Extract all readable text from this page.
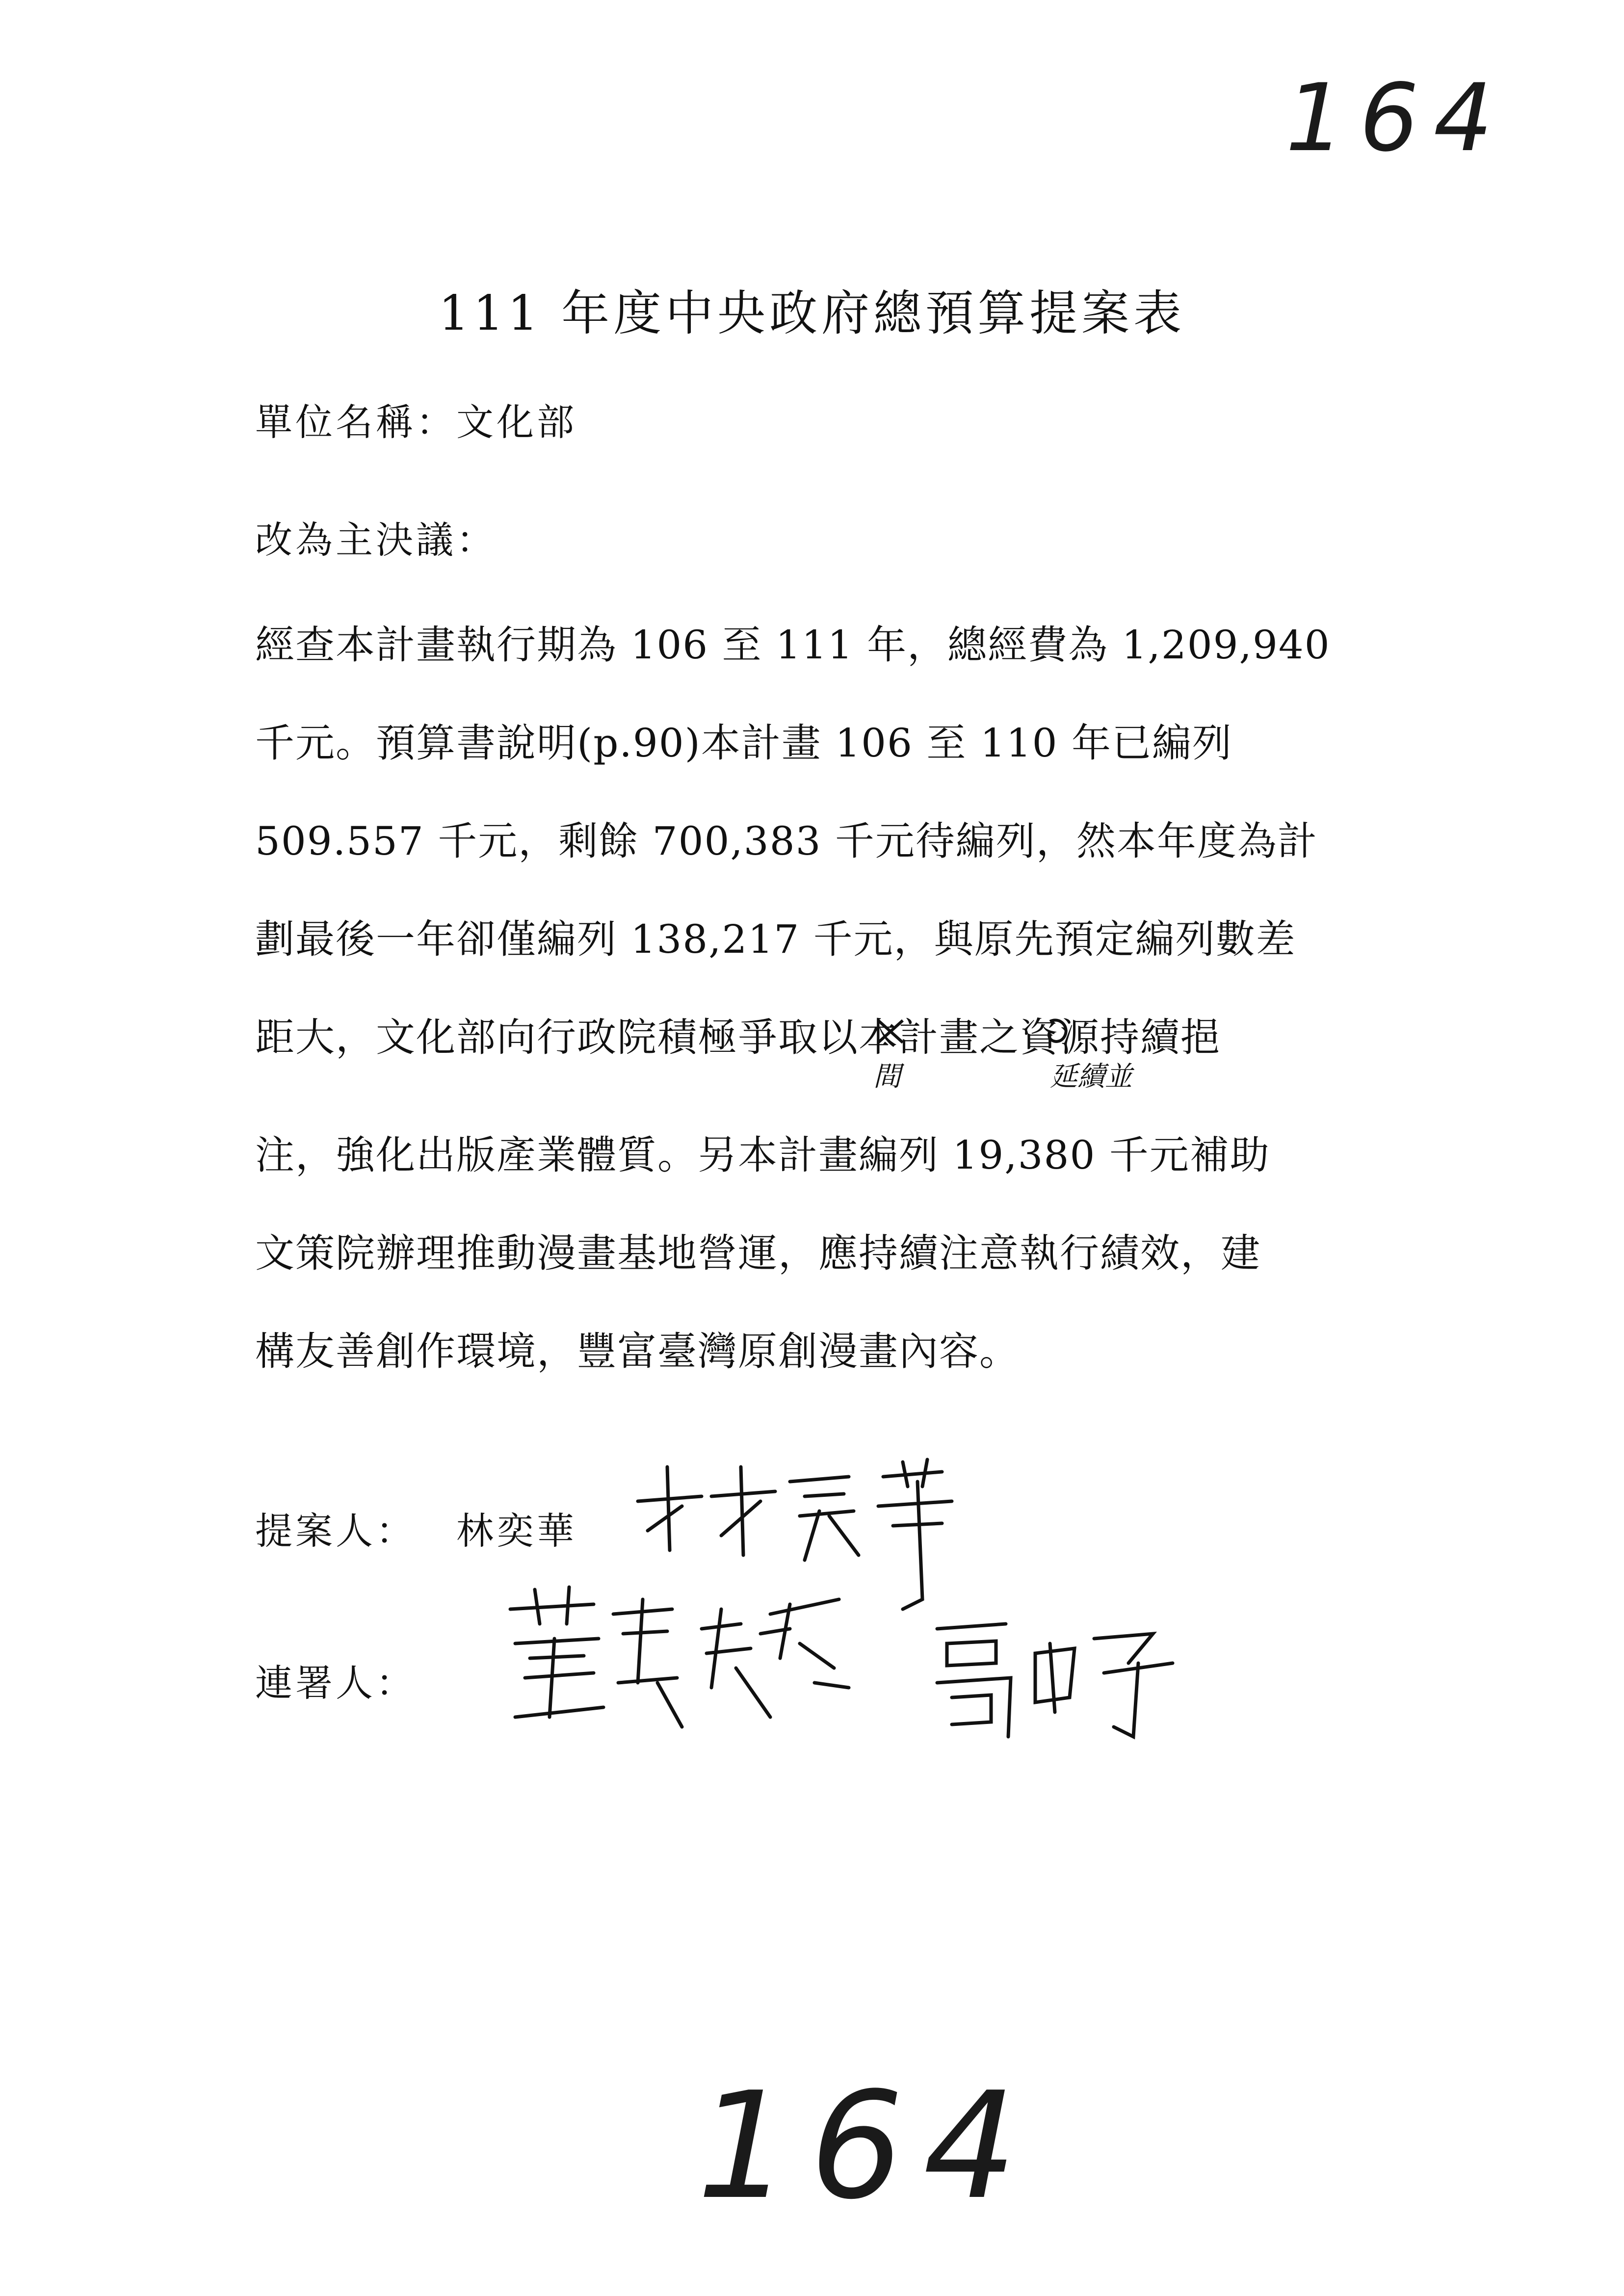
164
111 年度中央政府總預算提案表
單位名稱：文化部
改為主決議：
經查本計畫執行期為 106 至 111 年，總經費為 1,209,940
千元。預算書說明(p.90)本計畫 106 至 110 年已編列
509.557 千元，剩餘 700,383 千元待編列，然本年度為計
劃最後一年卻僅編列 138,217 千元，與原先預定編列數差
距大，文化部向行政院積極爭取以本計畫之資源持續挹
間	延續並
注，強化出版產業體質。另本計畫編列 19,380 千元補助
文策院辦理推動漫畫基地營運，應持續注意執行績效，建
構友善創作環境，豐富臺灣原創漫畫內容。
提案人： 林奕華
連署人：
164
